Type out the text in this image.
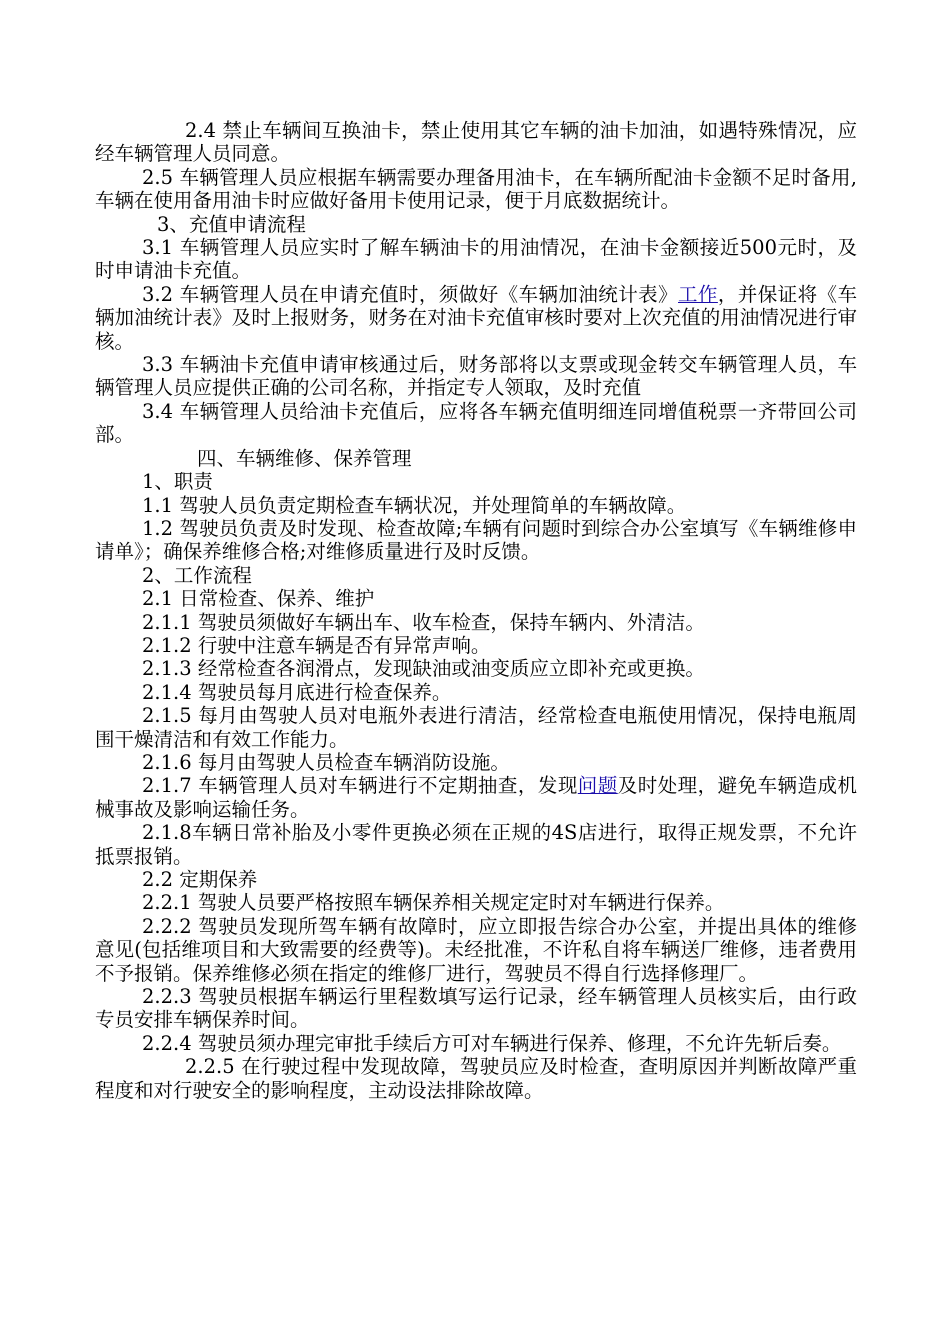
2.4 禁止车辆间互换油卡，禁止使用其它车辆的油卡加油，如遇特殊情况，应经车辆管理人员同意。

2.5 车辆管理人员应根据车辆需要办理备用油卡，在车辆所配油卡金额不足时备用,车辆在使用备用油卡时应做好备用卡使用记录，便于月底数据统计。

3、充值申请流程

3.1 车辆管理人员应实时了解车辆油卡的用油情况，在油卡金额接近500元时，及时申请油卡充值。

3.2 车辆管理人员在申请充值时，须做好《车辆加油统计表》工作，并保证将《车辆加油统计表》及时上报财务，财务在对油卡充值审核时要对上次充值的用油情况进行审核。

3.3 车辆油卡充值申请审核通过后，财务部将以支票或现金转交车辆管理人员，车辆管理人员应提供正确的公司名称，并指定专人领取，及时充值

3.4 车辆管理人员给油卡充值后，应将各车辆充值明细连同增值税票一齐带回公司部。

四、车辆维修、保养管理

1、职责

1.1 驾驶人员负责定期检查车辆状况，并处理简单的车辆故障。

1.2 驾驶员负责及时发现、检查故障;车辆有问题时到综合办公室填写《车辆维修申请单》；确保养维修合格;对维修质量进行及时反馈。

2、工作流程

2.1 日常检查、保养、维护

2.1.1 驾驶员须做好车辆出车、收车检查，保持车辆内、外清洁。

2.1.2 行驶中注意车辆是否有异常声响。

2.1.3 经常检查各润滑点，发现缺油或油变质应立即补充或更换。

2.1.4 驾驶员每月底进行检查保养。

2.1.5 每月由驾驶人员对电瓶外表进行清洁，经常检查电瓶使用情况，保持电瓶周围干燥清洁和有效工作能力。

2.1.6 每月由驾驶人员检查车辆消防设施。

2.1.7 车辆管理人员对车辆进行不定期抽查，发现问题及时处理，避免车辆造成机械事故及影响运输任务。

2.1.8车辆日常补胎及小零件更换必须在正规的4S店进行，取得正规发票，不允许抵票报销。

2.2 定期保养

2.2.1 驾驶人员要严格按照车辆保养相关规定定时对车辆进行保养。

2.2.2 驾驶员发现所驾车辆有故障时，应立即报告综合办公室，并提出具体的维修意见(包括维项目和大致需要的经费等)。未经批准，不许私自将车辆送厂维修，违者费用不予报销。保养维修必须在指定的维修厂进行，驾驶员不得自行选择修理厂。

2.2.3 驾驶员根据车辆运行里程数填写运行记录，经车辆管理人员核实后，由行政专员安排车辆保养时间。

2.2.4 驾驶员须办理完审批手续后方可对车辆进行保养、修理，不允许先斩后奏。

2.2.5 在行驶过程中发现故障，驾驶员应及时检查，查明原因并判断故障严重程度和对行驶安全的影响程度，主动设法排除故障。
